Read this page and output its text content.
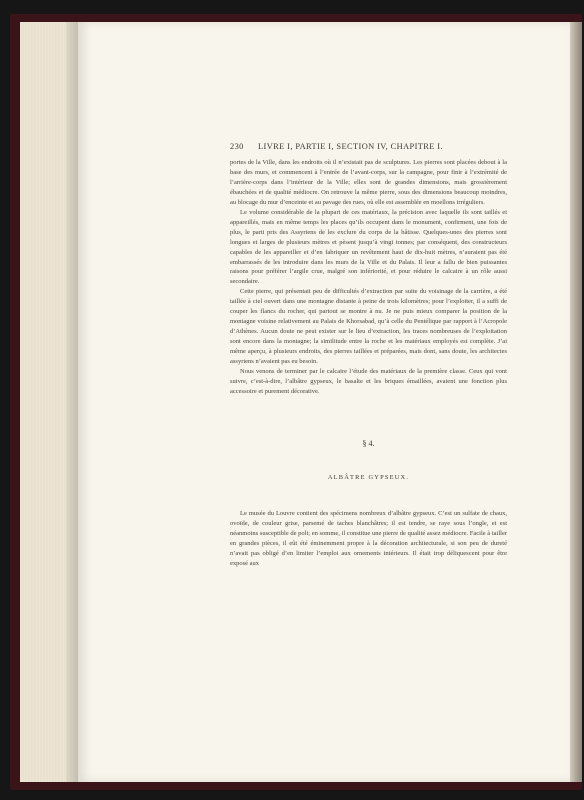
230 LIVRE I, PARTIE I, SECTION IV, CHAPITRE I.

portes de la Ville, dans les endroits où il n’existait pas de sculptures. Les pierres sont placées debout à la base des murs, et commencent à l’entrée de l’avant-corps, sur la campagne, pour finir à l’extrémité de l’arrière-corps dans l’intérieur de la Ville; elles sont de grandes dimensions, mais grossièrement ébauchées et de qualité médiocre. On retrouve la même pierre, sous des dimensions beaucoup moindres, au blocage du mur d’enceinte et au pavage des rues, où elle est assemblée en moellons irréguliers.

Le volume considérable de la plupart de ces matériaux, la précision avec laquelle ils sont taillés et appareillés, mais en même temps les places qu’ils occupent dans le monument, confirment, une fois de plus, le parti pris des Assyriens de les exclure du corps de la bâtisse. Quelques-unes des pierres sont longues et larges de plusieurs mètres et pèsent jusqu’à vingt tonnes; par conséquent, des constructeurs capables de les appareiller et d’en fabriquer un revêtement haut de dix-huit mètres, n’auraient pas été embarrassés de les introduire dans les murs de la Ville et du Palais. Il leur a fallu de bien puissantes raisons pour préférer l’argile crue, malgré son infériorité, et pour réduire le calcaire à un rôle aussi secondaire.

Cette pierre, qui présentait peu de difficultés d’extraction par suite du voisinage de la carrière, a été taillée à ciel ouvert dans une montagne distante à peine de trois kilomètres; pour l’exploiter, il a suffi de couper les flancs du rocher, qui partout se montre à nu. Je ne puis mieux comparer la position de la montagne voisine relativement au Palais de Khorsabad, qu’à celle du Pentélique par rapport à l’Acropole d’Athènes. Aucun doute ne peut exister sur le lieu d’extraction, les traces nombreuses de l’exploitation sont encore dans la montagne; la similitude entre la roche et les matériaux employés est complète. J’ai même aperçu, à plusieurs endroits, des pierres taillées et préparées, mais dont, sans doute, les architectes assyriens n’avaient pas eu besoin.

Nous venons de terminer par le calcaire l’étude des matériaux de la première classe. Ceux qui vont suivre, c’est-à-dire, l’albâtre gypseux, le basalte et les briques émaillées, avaient une fonction plus accessoire et purement décorative.

§ 4.
ALBÂTRE GYPSEUX.

Le musée du Louvre contient des spécimens nombreux d’albâtre gypseux. C’est un sulfate de chaux, ovoïde, de couleur grise, parsemé de taches blanchâtres; il est tendre, se raye sous l’ongle, et est néanmoins susceptible de poli; en somme, il constitue une pierre de qualité assez médiocre. Facile à tailler en grandes pièces, il eût été éminemment propre à la décoration architecturale, si son peu de dureté n’avait pas obligé d’en limiter l’emploi aux ornements intérieurs. Il était trop déliquescent pour être exposé aux
